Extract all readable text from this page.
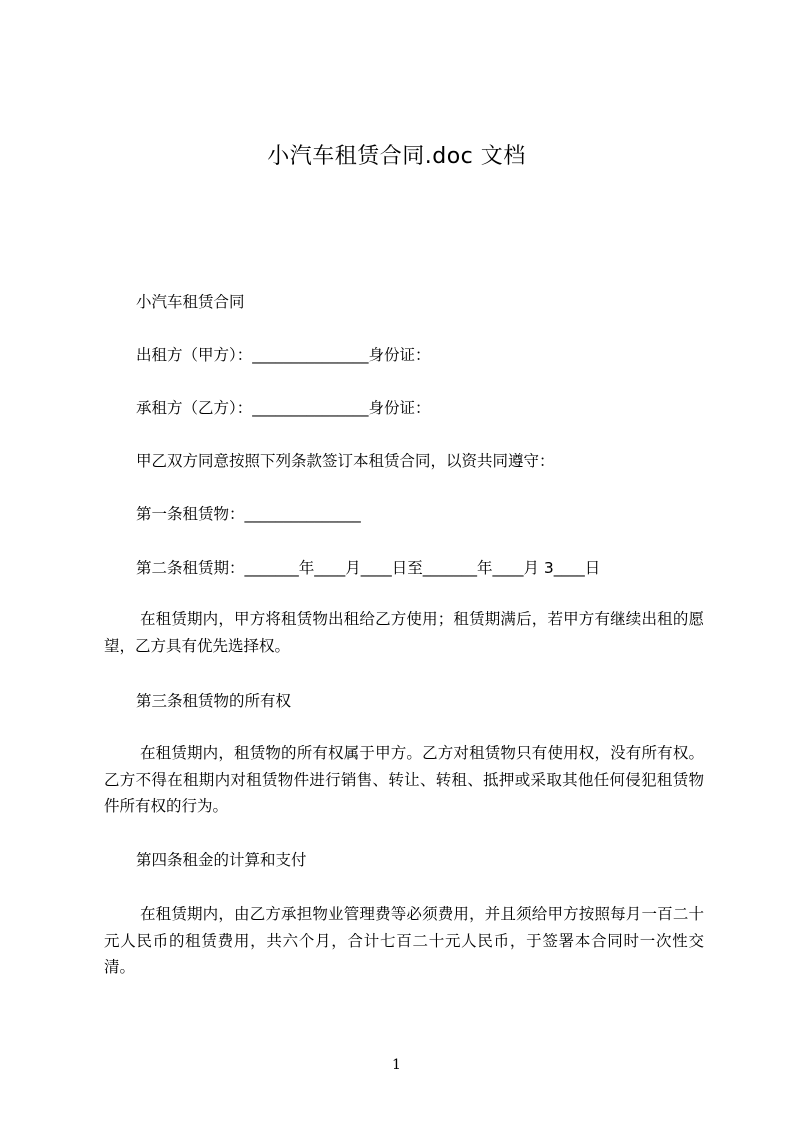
小汽车租赁合同.doc 文档
小汽车租赁合同
出租方（甲方）：_______________身份证：
承租方（乙方）：_______________身份证：
甲乙双方同意按照下列条款签订本租赁合同，以资共同遵守：
第一条租赁物：_______________
第二条租赁期：_______年____月____日至_______年____月 3____日
在租赁期内，甲方将租赁物出租给乙方使用；租赁期满后，若甲方有继续出租的愿望，乙方具有优先选择权。
第三条租赁物的所有权
在租赁期内，租赁物的所有权属于甲方。乙方对租赁物只有使用权，没有所有权。乙方不得在租期内对租赁物件进行销售、转让、转租、抵押或采取其他任何侵犯租赁物件所有权的行为。
第四条租金的计算和支付
在租赁期内，由乙方承担物业管理费等必须费用，并且须给甲方按照每月一百二十元人民币的租赁费用，共六个月，合计七百二十元人民币，于签署本合同时一次性交清。
1
